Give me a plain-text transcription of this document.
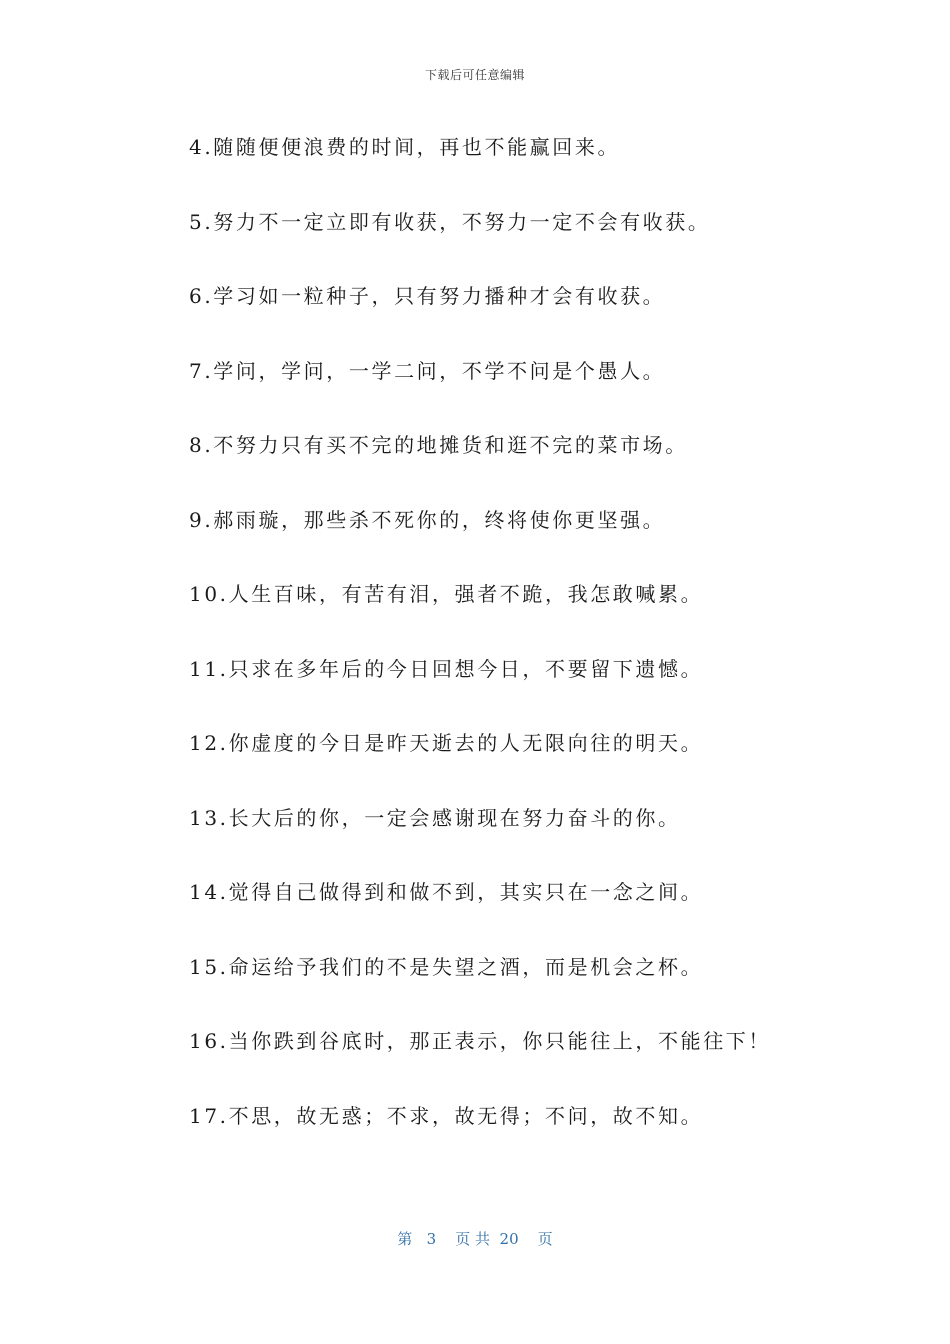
下载后可任意编辑
4.随随便便浪费的时间，再也不能赢回来。
5.努力不一定立即有收获，不努力一定不会有收获。
6.学习如一粒种子，只有努力播种才会有收获。
7.学问，学问，一学二问，不学不问是个愚人。
8.不努力只有买不完的地摊货和逛不完的菜市场。
9.郝雨璇，那些杀不死你的，终将使你更坚强。
10.人生百味，有苦有泪，强者不跪，我怎敢喊累。
11.只求在多年后的今日回想今日，不要留下遗憾。
12.你虚度的今日是昨天逝去的人无限向往的明天。
13.长大后的你，一定会感谢现在努力奋斗的你。
14.觉得自己做得到和做不到，其实只在一念之间。
15.命运给予我们的不是失望之酒，而是机会之杯。
16.当你跌到谷底时，那正表示，你只能往上，不能往下！
17.不思，故无惑；不求，故无得；不问，故不知。
第   3    页 共  20    页
